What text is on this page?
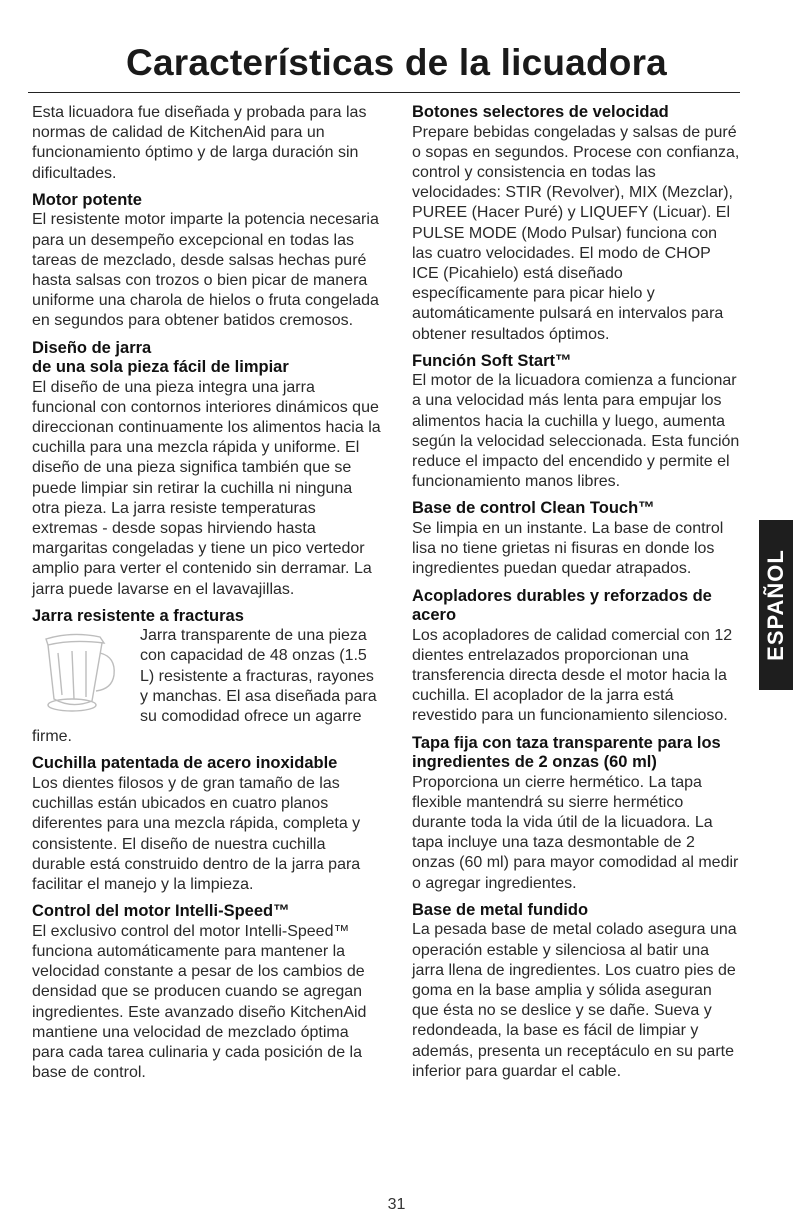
Características de la licuadora

Esta licuadora fue diseñada y probada para las normas de calidad de KitchenAid para un funcionamiento óptimo y de larga duración sin dificultades.

Motor potente

El resistente motor imparte la potencia necesaria para un desempeño excepcional en todas las tareas de mezclado, desde salsas hechas puré hasta salsas con trozos o bien picar de manera uniforme una charola de hielos o fruta congelada en segundos para obtener batidos cremosos.

Diseño de jarra
de una sola pieza fácil de limpiar

El diseño de una pieza integra una jarra funcional con contornos interiores dinámicos que direccionan continuamente los alimentos hacia la cuchilla para una mezcla rápida y uniforme. El diseño de una pieza significa también que se puede limpiar sin retirar la cuchilla ni ninguna otra pieza. La jarra resiste temperaturas extremas - desde sopas hirviendo hasta margaritas congeladas y tiene un pico vertedor amplio para verter el contenido sin derramar. La jarra puede lavarse en el lavavajillas.

Jarra resistente a fracturas

Jarra transparente de una pieza con capacidad de 48 onzas (1.5 L) resistente a fracturas, rayones y manchas. El asa diseñada para su comodidad ofrece un agarre firme.

Cuchilla patentada de acero inoxidable

Los dientes filosos y de gran tamaño de las cuchillas están ubicados en cuatro planos diferentes para una mezcla rápida, completa y consistente. El diseño de nuestra cuchilla durable está construido dentro de la jarra para facilitar el manejo y la limpieza.

Control del motor Intelli-Speed™

El exclusivo control del motor Intelli-Speed™ funciona automáticamente para mantener la velocidad constante a pesar de los cambios de densidad que se producen cuando se agregan ingredientes. Este avanzado diseño KitchenAid mantiene una velocidad de mezclado óptima para cada tarea culinaria y cada posición de la base de control.

Botones selectores de velocidad

Prepare bebidas congeladas y salsas de puré o sopas en segundos. Procese con confianza, control y consistencia en todas las velocidades: STIR (Revolver), MIX (Mezclar), PUREE (Hacer Puré) y LIQUEFY (Licuar). El PULSE MODE (Modo Pulsar) funciona con las cuatro velocidades. El modo de CHOP ICE (Picahielo) está diseñado específicamente para picar hielo y automáticamente pulsará en intervalos para obtener resultados óptimos.

Función Soft Start™

El motor de la licuadora comienza a funcionar a una velocidad más lenta para empujar los alimentos hacia la cuchilla y luego, aumenta según la velocidad seleccionada. Esta función reduce el impacto del encendido y permite el funcionamiento manos libres.

Base de control Clean Touch™

Se limpia en un instante. La base de control lisa no tiene grietas ni fisuras en donde los ingredientes puedan quedar atrapados.

Acopladores durables y reforzados de acero

Los acopladores de calidad comercial con 12 dientes entrelazados proporcionan una transferencia directa desde el motor hacia la cuchilla. El acoplador de la jarra está revestido para un funcionamiento silencioso.

Tapa fija con taza transparente para los ingredientes de 2 onzas (60 ml)

Proporciona un cierre hermético. La tapa flexible mantendrá su sierre hermético durante toda la vida útil de la licuadora. La tapa incluye una taza desmontable de 2 onzas (60 ml) para mayor comodidad al medir o agregar ingredientes.

Base de metal fundido

La pesada base de metal colado asegura una operación estable y silenciosa al batir una jarra llena de ingredientes. Los cuatro pies de goma en la base amplia y sólida aseguran que ésta no se deslice y se dañe. Sueva y redondeada, la base es fácil de limpiar y además, presenta un receptáculo en su parte inferior para guardar el cable.

ESPAÑOL
31
